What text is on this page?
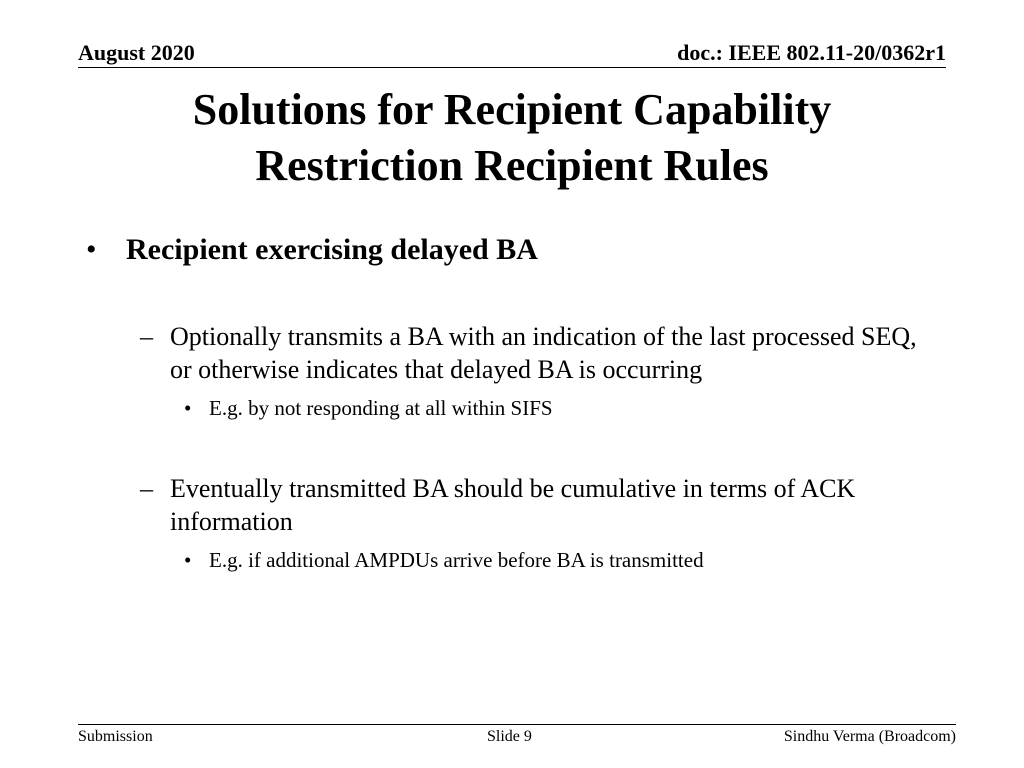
August 2020	doc.: IEEE 802.11-20/0362r1
Solutions for Recipient Capability
Restriction Recipient Rules
• Recipient exercising delayed BA
– Optionally transmits a BA with an indication of the last processed SEQ, or otherwise indicates that delayed BA is occurring
• E.g. by not responding at all within SIFS
– Eventually transmitted BA should be cumulative in terms of ACK information
• E.g. if additional AMPDUs arrive before BA is transmitted
Submission	Slide 9	Sindhu Verma (Broadcom)
